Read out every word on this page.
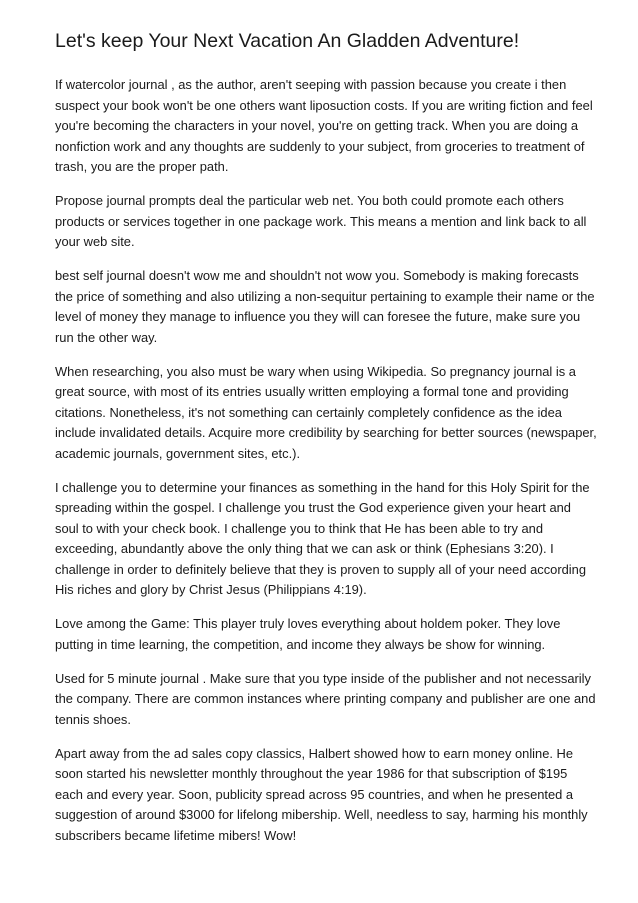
Let's keep Your Next Vacation An Gladden Adventure!

If watercolor journal , as the author, aren't seeping with passion because you create i then suspect your book won't be one others want liposuction costs. If you are writing fiction and feel you're becoming the characters in your novel, you're on getting track. When you are doing a nonfiction work and any thoughts are suddenly to your subject, from groceries to treatment of trash, you are the proper path.

Propose journal prompts deal the particular web net. You both could promote each others products or services together in one package work. This means a mention and link back to all your web site.

best self journal doesn't wow me and shouldn't not wow you. Somebody is making forecasts the price of something and also utilizing a non-sequitur pertaining to example their name or the level of money they manage to influence you they will can foresee the future, make sure you run the other way.

When researching, you also must be wary when using Wikipedia. So pregnancy journal is a great source, with most of its entries usually written employing a formal tone and providing citations. Nonetheless, it's not something can certainly completely confidence as the idea include invalidated details. Acquire more credibility by searching for better sources (newspaper, academic journals, government sites, etc.).

I challenge you to determine your finances as something in the hand for this Holy Spirit for the spreading within the gospel. I challenge you trust the God experience given your heart and soul to with your check book. I challenge you to think that He has been able to try and exceeding, abundantly above the only thing that we can ask or think (Ephesians 3:20). I challenge in order to definitely believe that they is proven to supply all of your need according His riches and glory by Christ Jesus (Philippians 4:19).

Love among the Game: This player truly loves everything about holdem poker. They love putting in time learning, the competition, and income they always be show for winning.

Used for 5 minute journal . Make sure that you type inside of the publisher and not necessarily the company. There are common instances where printing company and publisher are one and tennis shoes.

Apart away from the ad sales copy classics, Halbert showed how to earn money online. He soon started his newsletter monthly throughout the year 1986 for that subscription of $195 each and every year. Soon, publicity spread across 95 countries, and when he presented a suggestion of around $3000 for lifelong mibership. Well, needless to say, harming his monthly subscribers became lifetime mibers! Wow!
